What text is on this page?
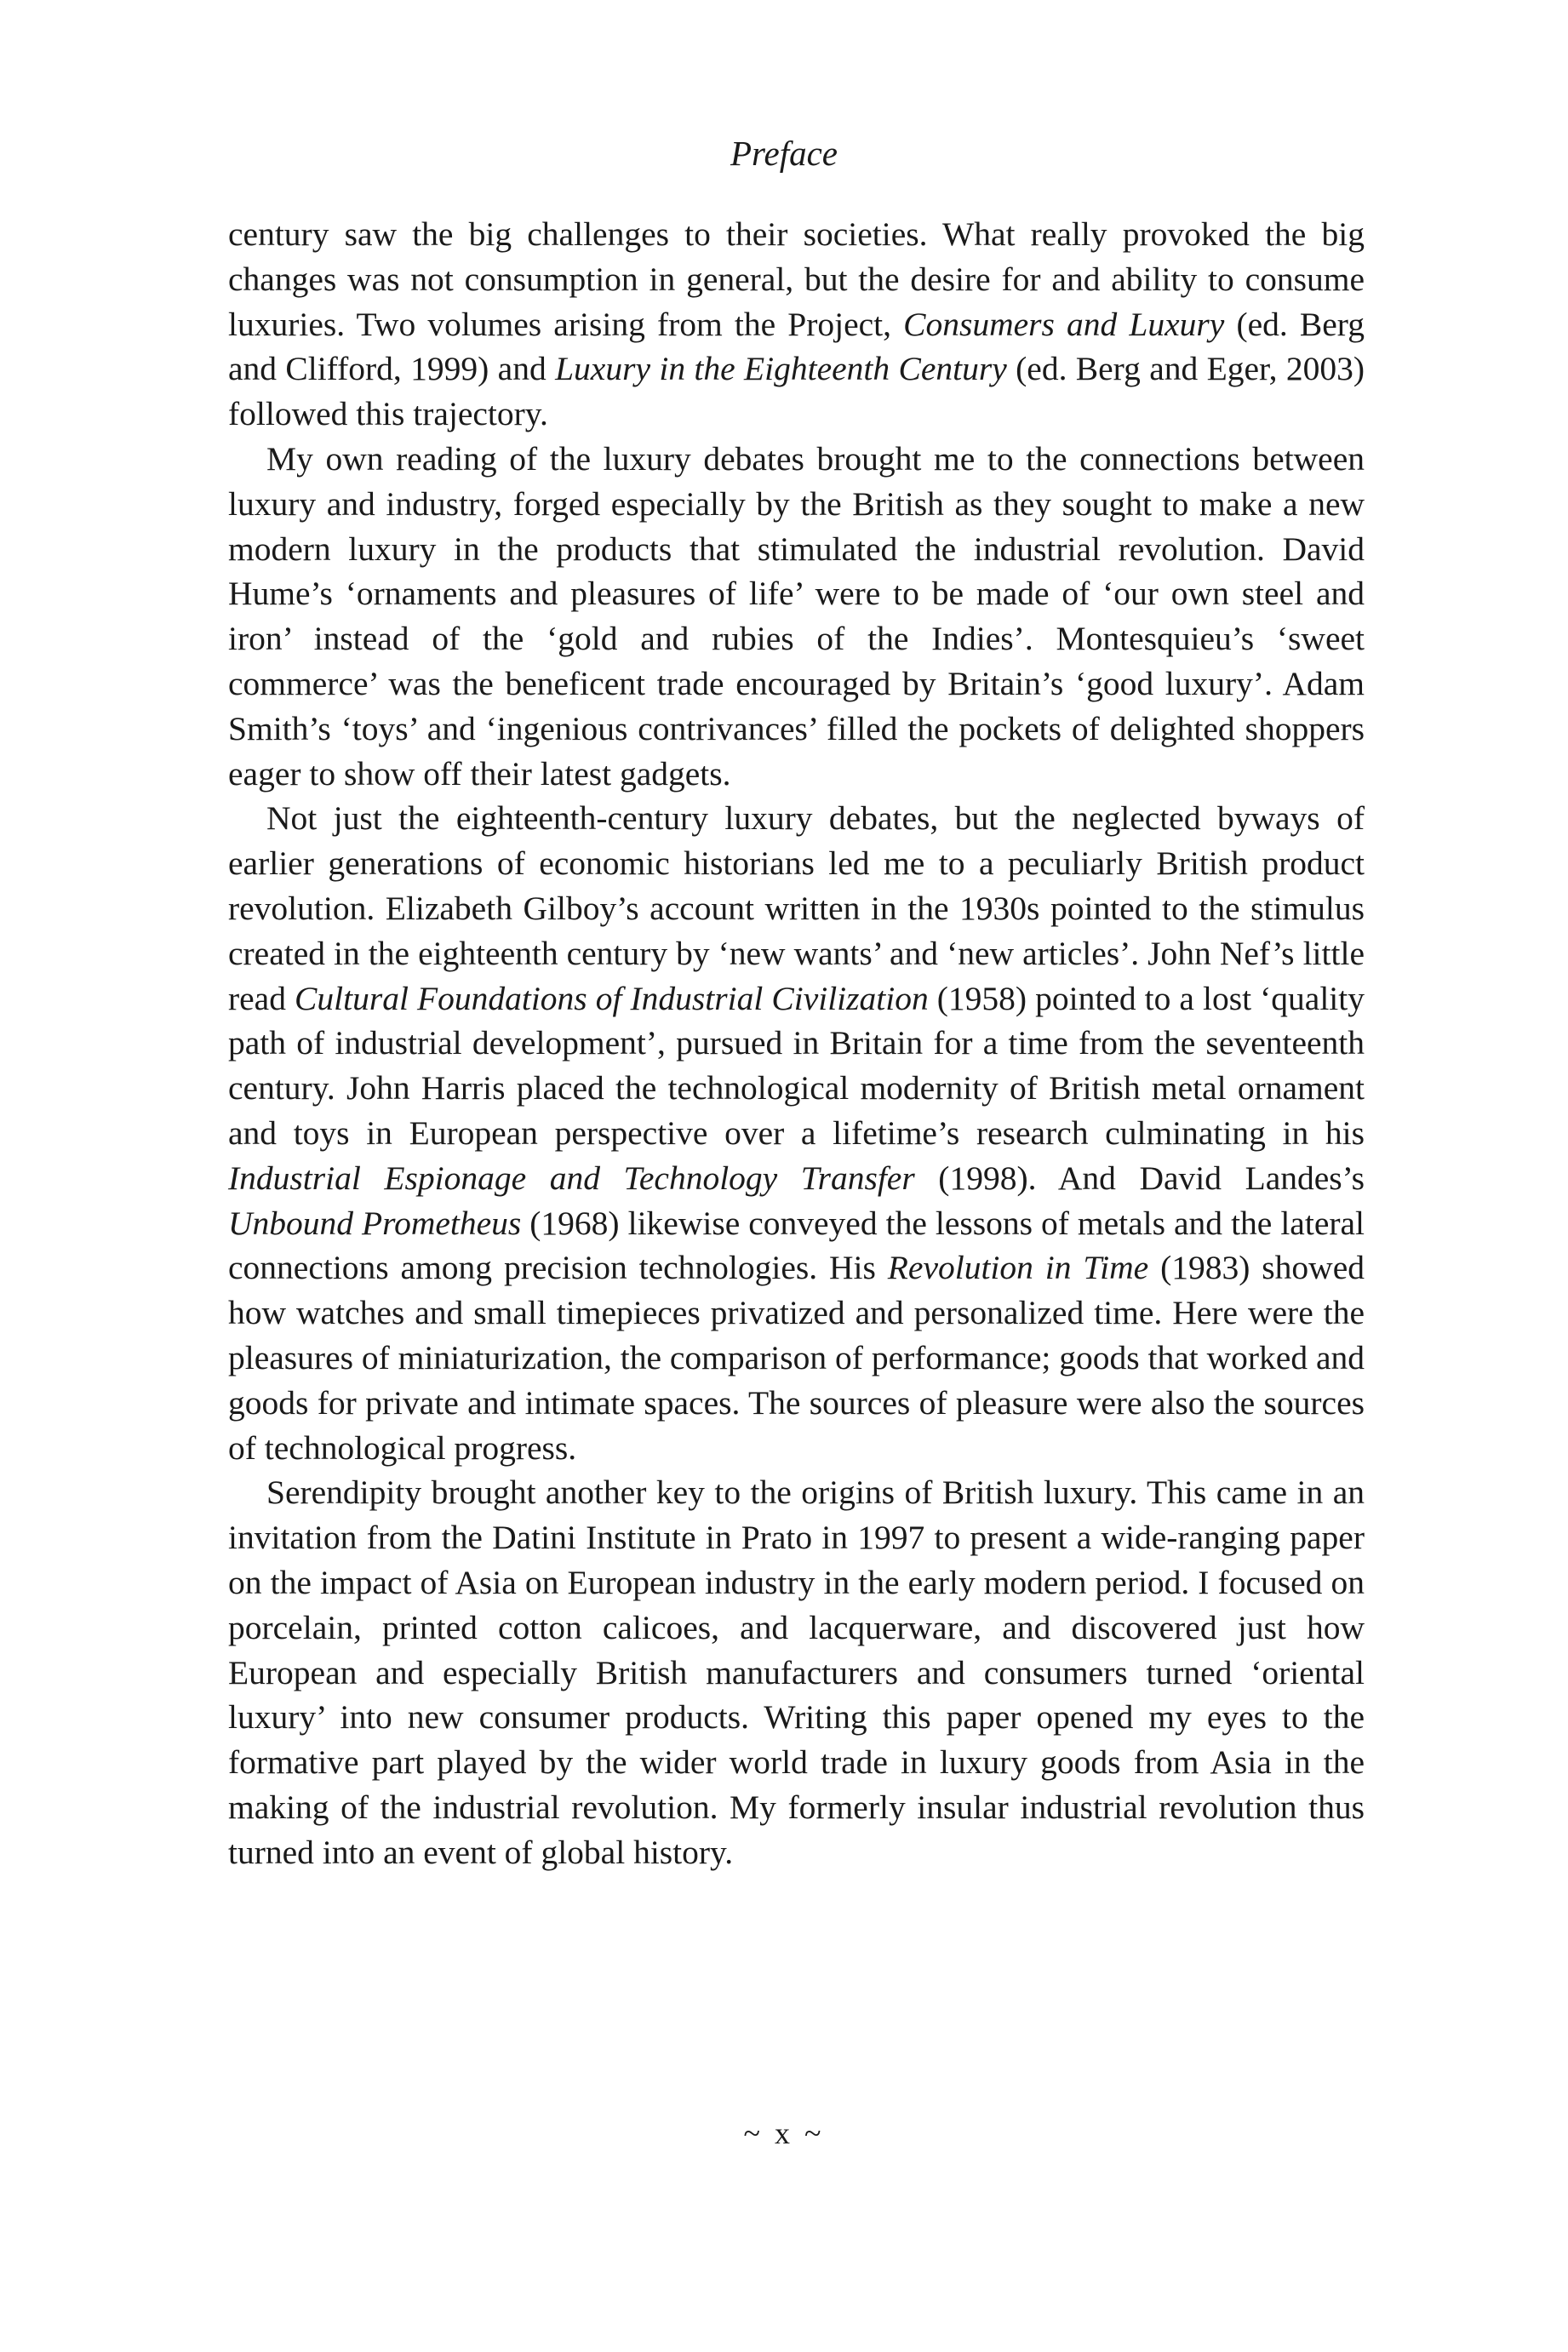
Preface

century saw the big challenges to their societies. What really provoked the big changes was not consumption in general, but the desire for and ability to consume luxuries. Two volumes arising from the Project, Consumers and Luxury (ed. Berg and Clifford, 1999) and Luxury in the Eighteenth Century (ed. Berg and Eger, 2003) followed this trajectory.

My own reading of the luxury debates brought me to the connections between luxury and industry, forged especially by the British as they sought to make a new modern luxury in the products that stimulated the industrial revolution. David Hume’s ‘ornaments and pleasures of life’ were to be made of ‘our own steel and iron’ instead of the ‘gold and rubies of the Indies’. Montesquieu’s ‘sweet commerce’ was the beneficent trade encouraged by Britain’s ‘good luxury’. Adam Smith’s ‘toys’ and ‘ingenious contrivances’ filled the pockets of delighted shoppers eager to show off their latest gadgets.

Not just the eighteenth-century luxury debates, but the neglected byways of earlier generations of economic historians led me to a peculiarly British product revolution. Elizabeth Gilboy’s account written in the 1930s pointed to the stimulus created in the eighteenth century by ‘new wants’ and ‘new articles’. John Nef’s little read Cultural Foundations of Industrial Civilization (1958) pointed to a lost ‘quality path of industrial development’, pursued in Britain for a time from the seventeenth century. John Harris placed the technological modernity of British metal ornament and toys in European perspective over a lifetime’s research culminating in his Industrial Espionage and Technology Transfer (1998). And David Landes’s Unbound Prometheus (1968) likewise conveyed the lessons of metals and the lateral connections among precision technologies. His Revolution in Time (1983) showed how watches and small timepieces privatized and personalized time. Here were the pleasures of miniaturization, the comparison of performance; goods that worked and goods for private and intimate spaces. The sources of pleasure were also the sources of technological progress.

Serendipity brought another key to the origins of British luxury. This came in an invitation from the Datini Institute in Prato in 1997 to present a wide-ranging paper on the impact of Asia on European industry in the early modern period. I focused on porcelain, printed cotton calicoes, and lacquerware, and discovered just how European and especially British manufacturers and consumers turned ‘oriental luxury’ into new consumer products. Writing this paper opened my eyes to the formative part played by the wider world trade in luxury goods from Asia in the making of the industrial revolution. My formerly insular industrial revolution thus turned into an event of global history.

~ x ~
